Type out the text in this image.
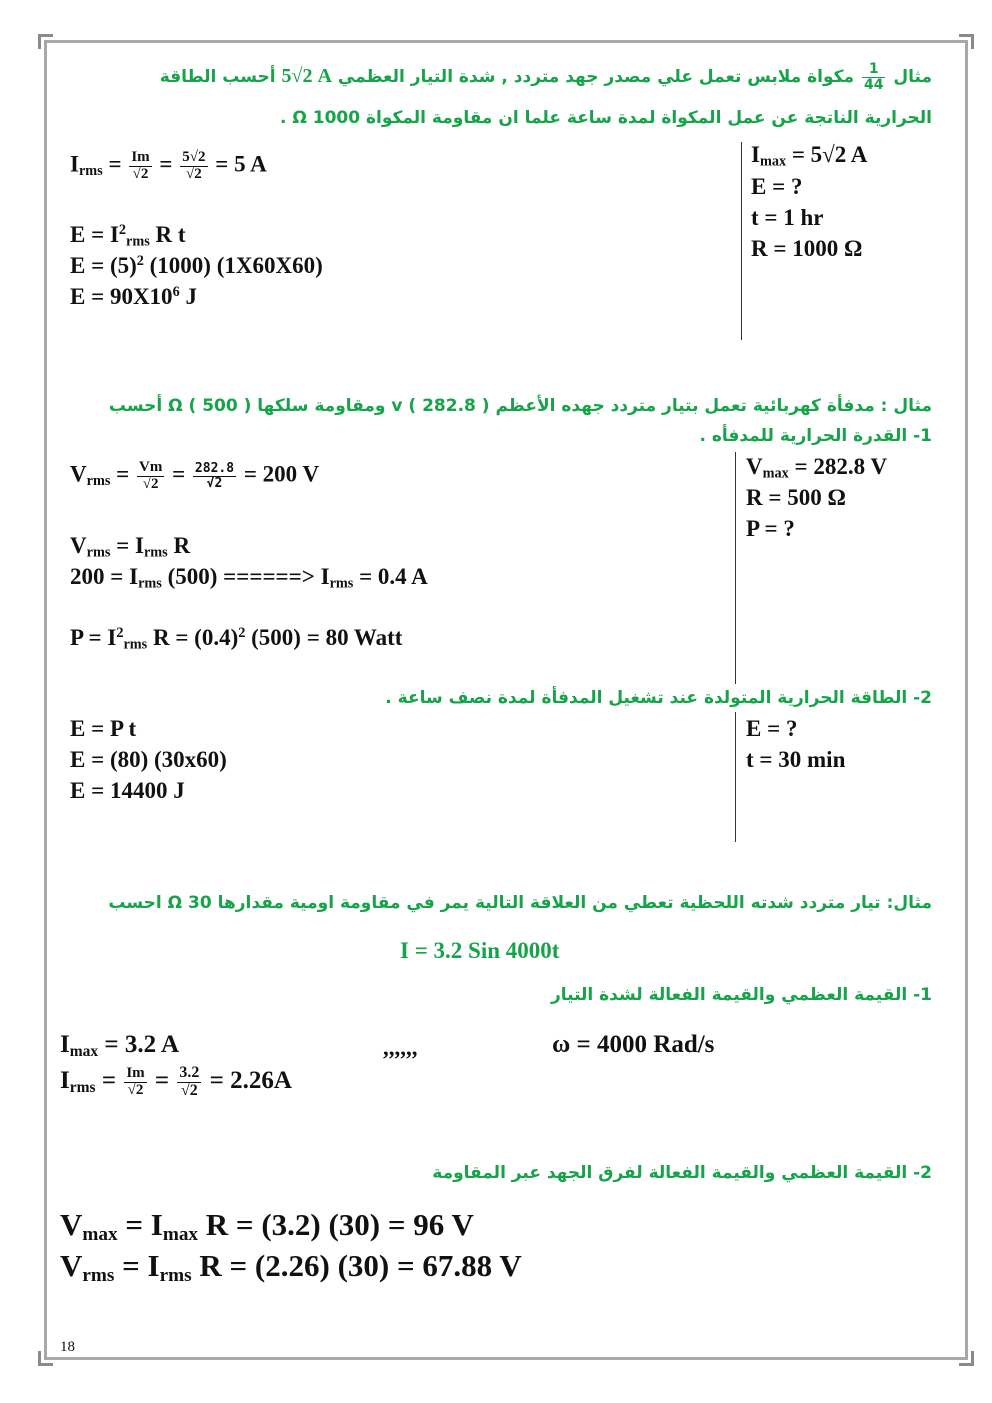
مثال
$\frac{1}{44}$
مكواة ملابس تعمل علي مصدر جهد متردد , شدة التيار العظمي 5√2 A أحسب الطاقة
الحرارية الناتجة عن عمل المكواة لمدة ساعة علما ان مقاومة المكواة 1000 Ω .
$I_{rms} = \frac{Im}{√2} = \frac{5√2}{√2} = 5$ A
$E = I^2_{rms}$ R t
$E = (5)^2$ (1000) (1X60X60)
$E = 90X10^6$ J
$I_{max} = 5√2$ A
E = ?
t = 1 hr
R = 1000 Ω
مثال : مدفأة كهربائية تعمل بتيار متردد جهده الأعظم v ( 282.8 ) ومقاومة سلكها Ω ( 500 ) أحسب
1- القدرة الحرارية للمدفأه .
$V_{rms} = \frac{Vm}{√2} = \frac{282.8}{√2} = 200$ V
$V_{rms} = I_{rms}$ R
$200 = I_{rms}$ (500) ======> $I_{rms} = 0.4$ A
$P = I^2_{rms}$ $R = (0.4)^2$ (500) = 80 Watt
$V_{max} = 282.8$ V
R = 500 Ω
P = ?
2- الطاقة الحرارية المتولدة عند تشغيل المدفأة لمدة نصف ساعة .
E = P t
E = (80) (30x60)
E = 14400 J
E = ?
t = 30 min
مثال: تيار متردد شدته اللحظية تعطي من العلاقة التالية يمر في مقاومة اومية مقدارها Ω 30 احسب
I = 3.2 Sin 4000t
1- القيمة العظمي والقيمة الفعالة لشدة التيار
$I_{max} = 3.2$ A	,,,,,,	ω = 4000 Rad/s
$I_{rms} = \frac{Im}{√2} = \frac{3.2}{√2} = 2.26A$
2- القيمة العظمي والقيمة الفعالة لفرق الجهد عبر المقاومة
$V_{max} = I_{max}$ R = (3.2) (30) = 96 V
$V_{rms} = I_{rms}$ R = (2.26) (30) = 67.88 V
18
